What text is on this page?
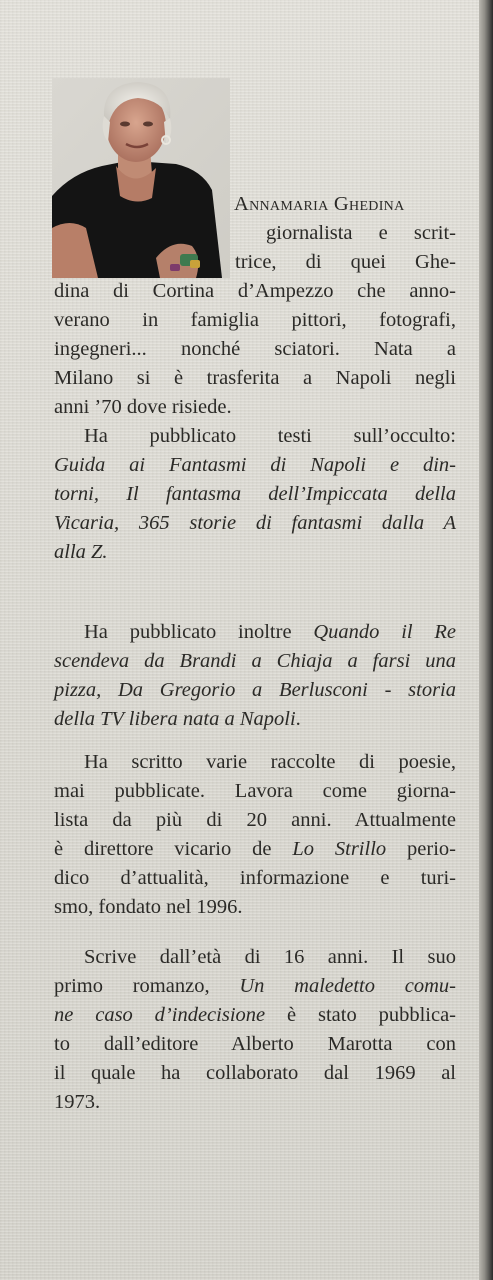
Annamaria Ghedina
giornalista e scrit-
trice, di quei Ghe-
dina di Cortina d’Ampezzo che anno-
verano in famiglia pittori, fotografi,
ingegneri... nonché sciatori. Nata a
Milano si è trasferita a Napoli negli
anni ’70 dove risiede.
Ha pubblicato testi sull’occulto:
Guida ai Fantasmi di Napoli e din-
torni, Il fantasma dell’Impiccata della
Vicaria, 365 storie di fantasmi dalla A
alla Z.
Ha pubblicato inoltre Quando il Re
scendeva da Brandi a Chiaja a farsi una
pizza, Da Gregorio a Berlusconi - storia
della TV libera nata a Napoli.
Ha scritto varie raccolte di poesie,
mai pubblicate. Lavora come giorna-
lista da più di 20 anni. Attualmente
è direttore vicario de Lo Strillo perio-
dico d’attualità, informazione e turi-
smo, fondato nel 1996.
Scrive dall’età di 16 anni. Il suo
primo romanzo, Un maledetto comu-
ne caso d’indecisione è stato pubblica-
to dall’editore Alberto Marotta con
il quale ha collaborato dal 1969 al
1973.
